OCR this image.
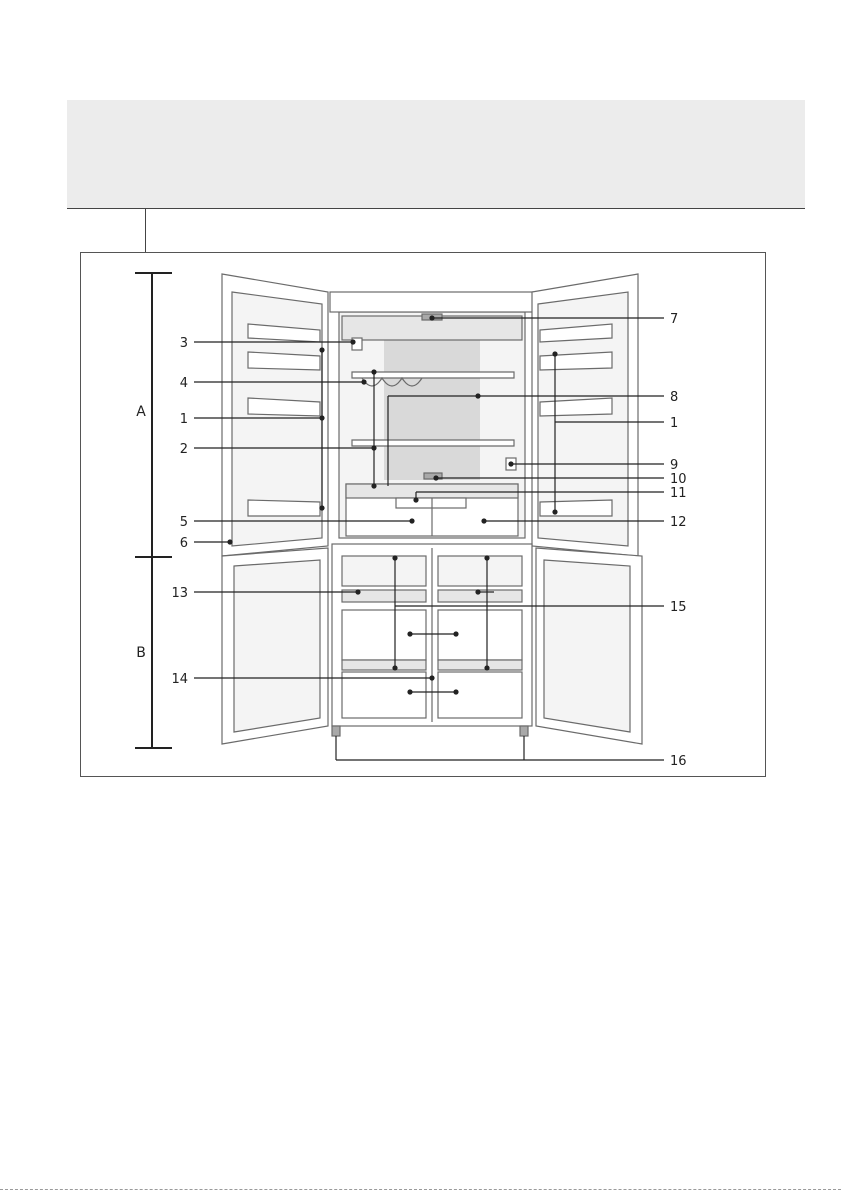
A
B
3
4
1
2
5
6
13
14
7
8
1
9
10
11
12
15
16
